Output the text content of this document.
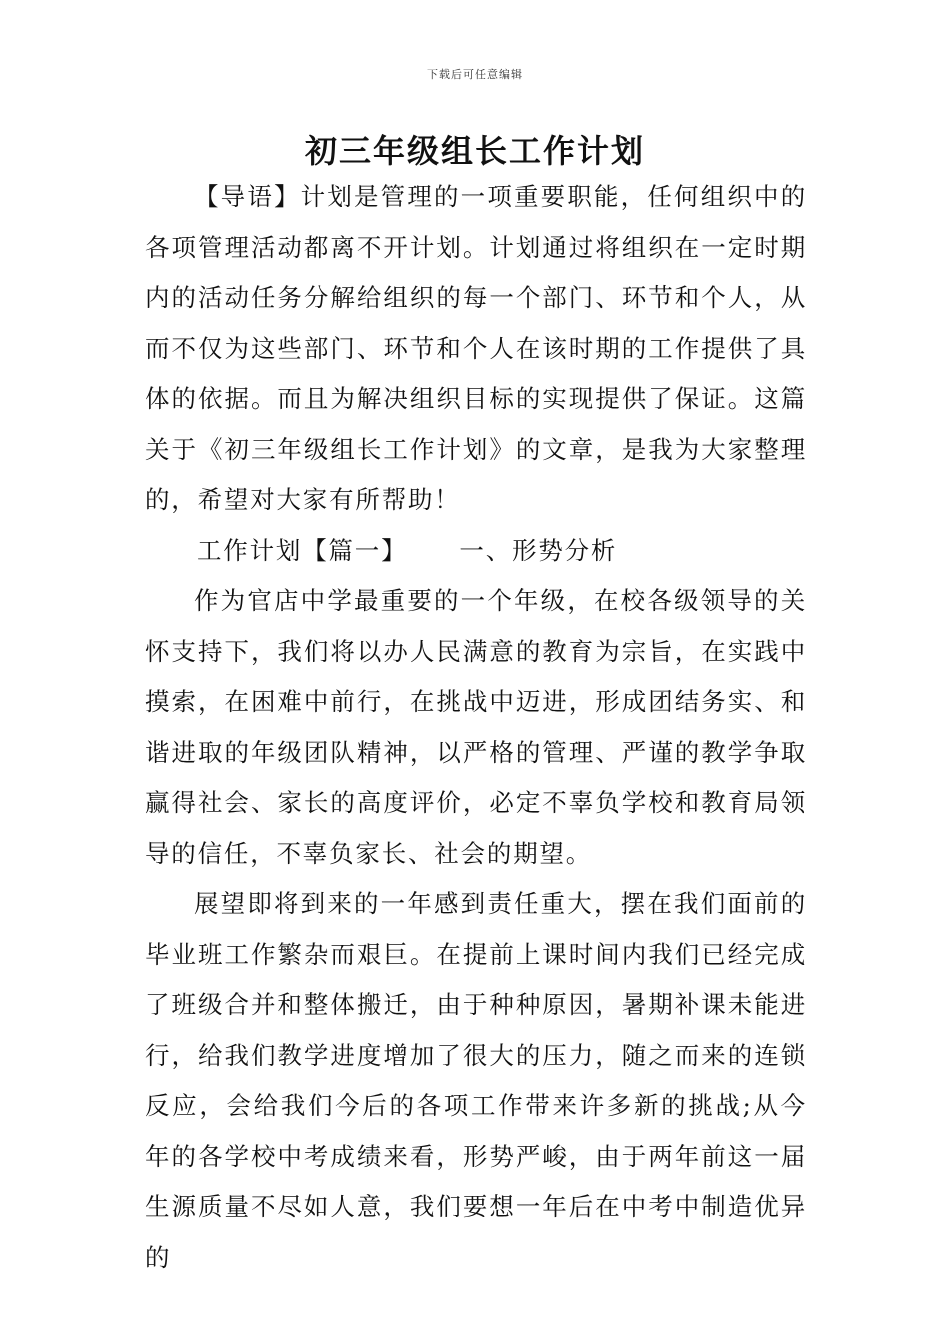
下载后可任意编辑
初三年级组长工作计划

【导语】计划是管理的一项重要职能，任何组织中的各项管理活动都离不开计划。计划通过将组织在一定时期内的活动任务分解给组织的每一个部门、环节和个人，从而不仅为这些部门、环节和个人在该时期的工作提供了具体的依据。而且为解决组织目标的实现提供了保证。这篇关于《初三年级组长工作计划》的文章，是我为大家整理的，希望对大家有所帮助！

工作计划【篇一】 一、形势分析

作为官店中学最重要的一个年级，在校各级领导的关怀支持下，我们将以办人民满意的教育为宗旨，在实践中摸索，在困难中前行，在挑战中迈进，形成团结务实、和谐进取的年级团队精神，以严格的管理、严谨的教学争取赢得社会、家长的高度评价，必定不辜负学校和教育局领导的信任，不辜负家长、社会的期望。

展望即将到来的一年感到责任重大，摆在我们面前的毕业班工作繁杂而艰巨。在提前上课时间内我们已经完成了班级合并和整体搬迁，由于种种原因，暑期补课未能进行，给我们教学进度增加了很大的压力，随之而来的连锁反应，会给我们今后的各项工作带来许多新的挑战;从今年的各学校中考成绩来看，形势严峻，由于两年前这一届生源质量不尽如人意，我们要想一年后在中考中制造优异的
